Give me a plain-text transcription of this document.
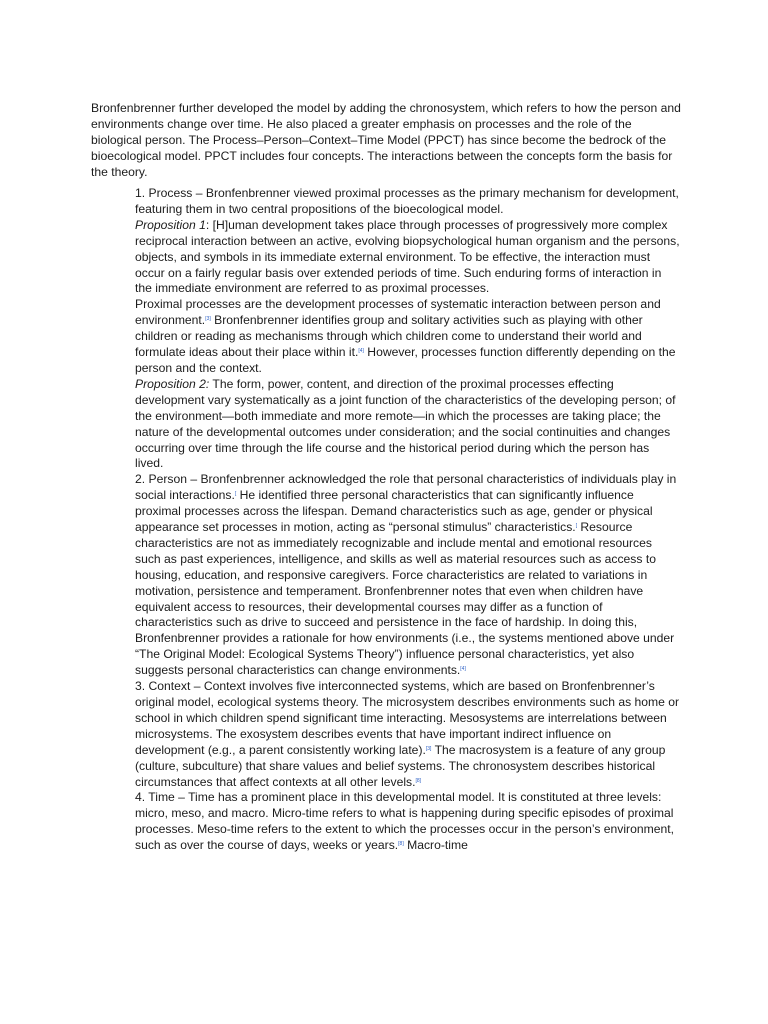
Bronfenbrenner further developed the model by adding the chronosystem, which refers to how the person and environments change over time. He also placed a greater emphasis on processes and the role of the biological person. The Process–Person–Context–Time Model (PPCT) has since become the bedrock of the bioecological model. PPCT includes four concepts. The interactions between the concepts form the basis for the theory.

1. Process – Bronfenbrenner viewed proximal processes as the primary mechanism for development, featuring them in two central propositions of the bioecological model.

Proposition 1: [H]uman development takes place through processes of progressively more complex reciprocal interaction between an active, evolving biopsychological human organism and the persons, objects, and symbols in its immediate external environment. To be effective, the interaction must occur on a fairly regular basis over extended periods of time. Such enduring forms of interaction in the immediate environment are referred to as proximal processes.

Proximal processes are the development processes of systematic interaction between person and environment.[3] Bronfenbrenner identifies group and solitary activities such as playing with other children or reading as mechanisms through which children come to understand their world and formulate ideas about their place within it.[4] However, processes function differently depending on the person and the context.

Proposition 2: The form, power, content, and direction of the proximal processes effecting development vary systematically as a joint function of the characteristics of the developing person; of the environment—both immediate and more remote—in which the processes are taking place; the nature of the developmental outcomes under consideration; and the social continuities and changes occurring over time through the life course and the historical period during which the person has lived.

2. Person – Bronfenbrenner acknowledged the role that personal characteristics of individuals play in social interactions.[ He identified three personal characteristics that can significantly influence proximal processes across the lifespan. Demand characteristics such as age, gender or physical appearance set processes in motion, acting as “personal stimulus” characteristics.[ Resource characteristics are not as immediately recognizable and include mental and emotional resources such as past experiences, intelligence, and skills as well as material resources such as access to housing, education, and responsive caregivers. Force characteristics are related to variations in motivation, persistence and temperament. Bronfenbrenner notes that even when children have equivalent access to resources, their developmental courses may differ as a function of characteristics such as drive to succeed and persistence in the face of hardship. In doing this, Bronfenbrenner provides a rationale for how environments (i.e., the systems mentioned above under “The Original Model: Ecological Systems Theory”) influence personal characteristics, yet also suggests personal characteristics can change environments.[4]

3. Context – Context involves five interconnected systems, which are based on Bronfenbrenner’s original model, ecological systems theory. The microsystem describes environments such as home or school in which children spend significant time interacting. Mesosystems are interrelations between microsystems. The exosystem describes events that have important indirect influence on development (e.g., a parent consistently working late).[3] The macrosystem is a feature of any group (culture, subculture) that share values and belief systems. The chronosystem describes historical circumstances that affect contexts at all other levels.[8]

4. Time – Time has a prominent place in this developmental model. It is constituted at three levels: micro, meso, and macro. Micro-time refers to what is happening during specific episodes of proximal processes. Meso-time refers to the extent to which the processes occur in the person’s environment, such as over the course of days, weeks or years.[8] Macro-time
